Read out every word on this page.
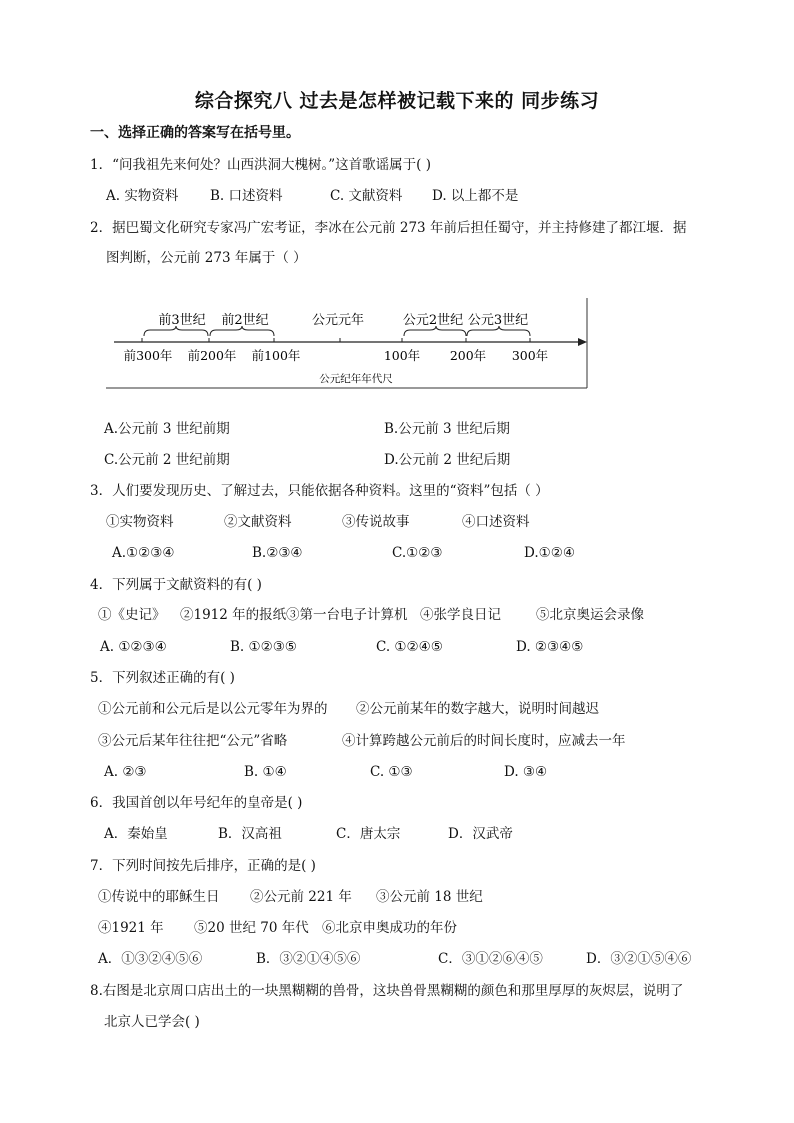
综合探究八 过去是怎样被记载下来的 同步练习
一、选择正确的答案写在括号里。
1．“问我祖先来何处？山西洪洞大槐树。”这首歌谣属于( )
A. 实物资料 B. 口述资料	C. 文献资料 D. 以上都不是
2．据巴蜀文化研究专家冯广宏考证，李冰在公元前 273 年前后担任蜀守，并主持修建了都江堰．据
图判断，公元前 273 年属于（ ）
前3世纪 前2世纪	公元元年	公元2世纪 公元3世纪
前300年 前200年 前100年	100年 200年 300年
公元纪年年代尺
A.公元前 3 世纪前期	B.公元前 3 世纪后期
C.公元前 2 世纪前期	D.公元前 2 世纪后期
3．人们要发现历史、了解过去，只能依据各种资料。这里的“资料”包括（ ）
①实物资料	②文献资料	③传说故事	④口述资料
A.①②③④	B.②③④	C.①②③	D.①②④
4．下列属于文献资料的有( )
①《史记》 ②1912 年的报纸 ③第一台电子计算机 ④张学良日记	⑤北京奥运会录像
A. ①②③④	B. ①②③⑤	C. ①②④⑤	D. ②③④⑤
5．下列叙述正确的有( )
①公元前和公元后是以公元零年为界的 ②公元前某年的数字越大，说明时间越迟
③公元后某年往往把“公元”省略	④计算跨越公元前后的时间长度时，应减去一年
A. ②③	B. ①④	C. ①③	D. ③④
6．我国首创以年号纪年的皇帝是( )
A．秦始皇	B．汉高祖	C．唐太宗	D．汉武帝
7．下列时间按先后排序，正确的是( )
①传说中的耶稣生日 ②公元前 221 年 ③公元前 18 世纪
④1921 年 ⑤20 世纪 70 年代 ⑥北京申奥成功的年份
A．①③②④⑤⑥	B．③②①④⑤⑥	C．③①②⑥④⑤	D．③②①⑤④⑥
8.右图是北京周口店出土的一块黑糊糊的兽骨，这块兽骨黑糊糊的颜色和那里厚厚的灰烬层，说明了
北京人已学会( )
